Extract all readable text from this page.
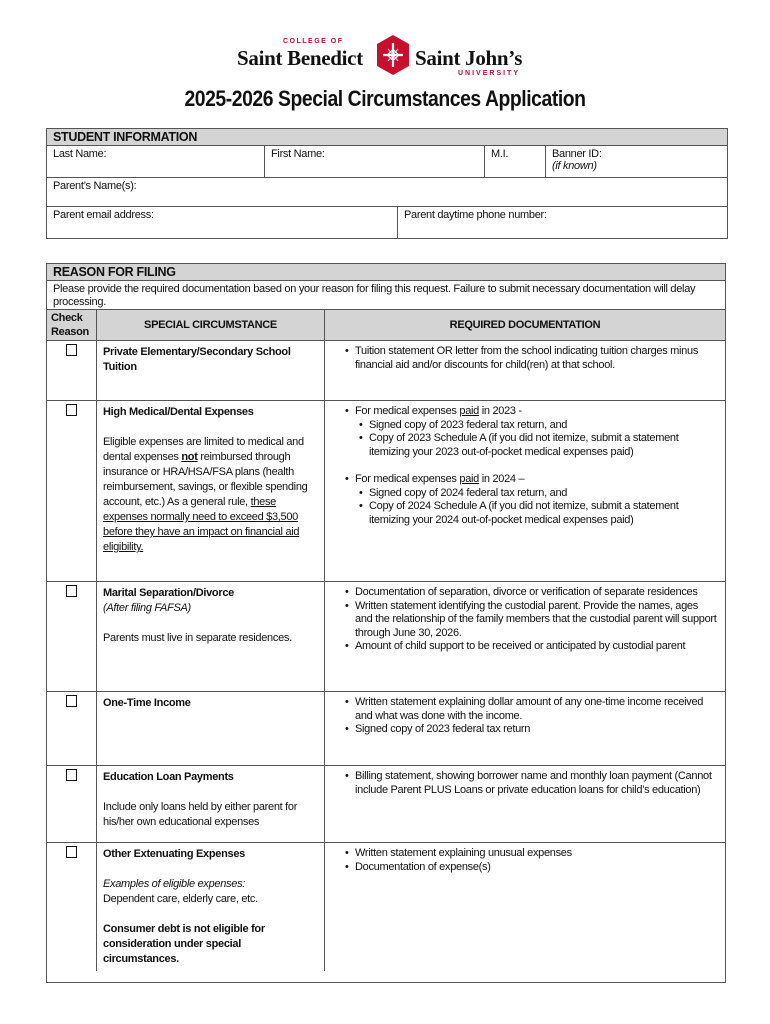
COLLEGE OF
Saint Benedict Saint John’s
UNIVERSITY
2025-2026 Special Circumstances Application
STUDENT INFORMATION
Last Name:	First Name:	M.I.	Banner ID:
(if known)
Parent’s Name(s):
Parent email address:	Parent daytime phone number:
REASON FOR FILING
Please provide the required documentation based on your reason for filing this request. Failure to submit necessary documentation will delay processing.
Check
Reason
SPECIAL CIRCUMSTANCE	REQUIRED DOCUMENTATION
Private Elementary/Secondary School Tuition
• Tuition statement OR letter from the school indicating tuition charges minus financial aid and/or discounts for child(ren) at that school.
High Medical/Dental Expenses
Eligible expenses are limited to medical and dental expenses not reimbursed through insurance or HRA/HSA/FSA plans (health reimbursement, savings, or flexible spending account, etc.) As a general rule, these expenses normally need to exceed $3,500 before they have an impact on financial aid eligibility.
• For medical expenses paid in 2023 -
• Signed copy of 2023 federal tax return, and
• Copy of 2023 Schedule A (if you did not itemize, submit a statement itemizing your 2023 out-of-pocket medical expenses paid)
• For medical expenses paid in 2024 –
• Signed copy of 2024 federal tax return, and
• Copy of 2024 Schedule A (if you did not itemize, submit a statement itemizing your 2024 out-of-pocket medical expenses paid)
Marital Separation/Divorce
(After filing FAFSA)
Parents must live in separate residences.
• Documentation of separation, divorce or verification of separate residences
• Written statement identifying the custodial parent. Provide the names, ages and the relationship of the family members that the custodial parent will support through June 30, 2026.
• Amount of child support to be received or anticipated by custodial parent
One-Time Income
•	Written statement explaining dollar amount of any one-time income received and what was done with the income.
• Signed copy of 2023 federal tax return
Education Loan Payments
Include only loans held by either parent for his/her own educational expenses
• Billing statement, showing borrower name and monthly loan payment (Cannot include Parent PLUS Loans or private education loans for child’s education)
Other Extenuating Expenses
Examples of eligible expenses:
Dependent care, elderly care, etc.
Consumer debt is not eligible for consideration under special circumstances.
• Written statement explaining unusual expenses
• Documentation of expense(s)
